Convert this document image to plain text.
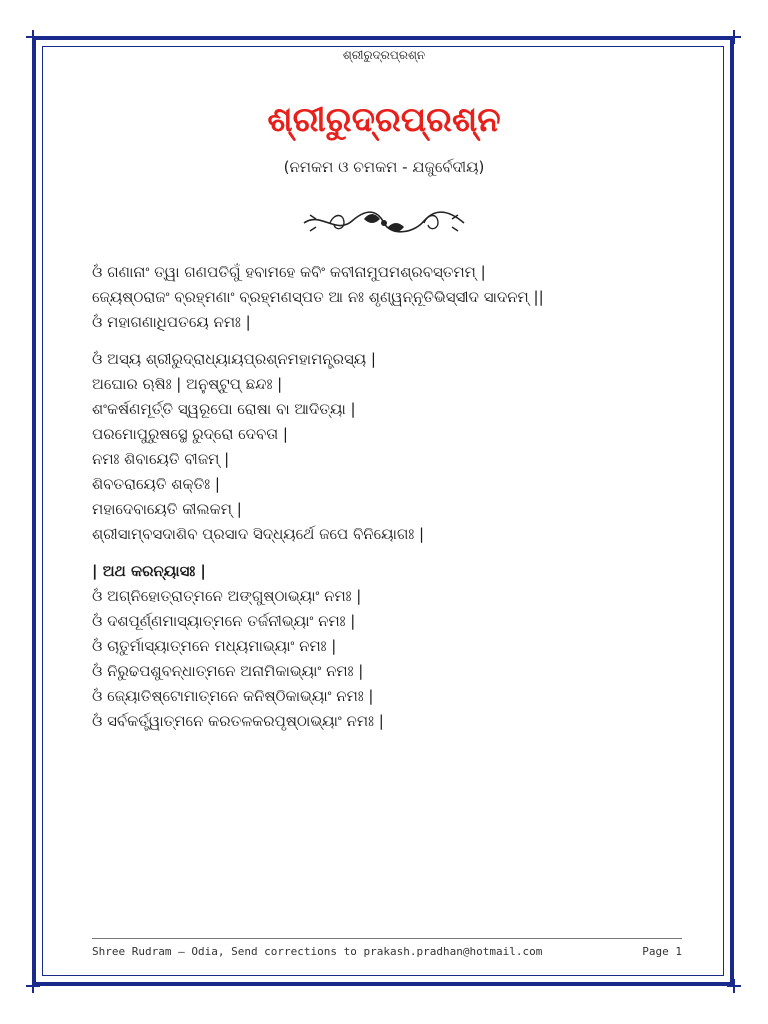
ଶ୍ରୀରୁଦ୍ରପ୍ରଶ୍ନ
ଶ୍ରୀରୁଦ୍ରପ୍ରଶ୍ନ
(ନମକମ ଓ ଚମକମ - ଯଜୁର୍ବେଦୀୟ)
ଓଁ ଗଣାନାଂ ତ୍ୱା ଗଣପତିଗୁଁ ହବାମହେ କବିଂ କବୀନାମୁପମଶ୍ରବସ୍ତମମ୍ |
ଜ୍ୟେଷ୍ଠରାଜଂ ବ୍ରହ୍ମଣାଂ ବ୍ରହ୍ମଣସ୍ପତ ଆ ନଃ ଶୃଣ୍ୱନ୍ନୂତିଭିସ୍ସୀଦ ସାଦନମ୍ ||
ଓଁ ମହାଗଣାଧିପତୟେ ନମଃ |
ଓଁ ଅସ୍ୟ ଶ୍ରୀରୁଦ୍ରାଧ୍ୟାୟପ୍ରଶ୍ନମହାମନ୍ତ୍ରସ୍ୟ |
ଅଘୋର ଋଷିଃ | ଅନୁଷ୍ଟୁପ୍ ଛନ୍ଦଃ |
ଶଂକର୍ଷଣମୂର୍ତ୍ତି ସ୍ୱରୂପୋ ରୋଷା ବା ଆଦିତ୍ୟା |
ପରମୋପୁରୁଷସ୍ଥେ ରୁଦ୍ରୋ ଦେବତା |
ନମଃ ଶିବାୟେତି ବୀଜମ୍ |
ଶିବତରାୟେତି ଶକ୍ତିଃ |
ମହାଦେବାୟେତି କୀଲକମ୍ |
ଶ୍ରୀସାମ୍ବସଦାଶିବ ପ୍ରସାଦ ସିଦ୍ଧ୍ୟର୍ଥେ ଜପେ ବିନିୟୋଗଃ |
| ଅଥ କରନ୍ୟାସଃ |
ଓଁ ଅଗ୍ନିହୋତ୍ରାତ୍ମନେ ଅଙ୍ଗୁଷ୍ଠାଭ୍ୟାଂ ନମଃ |
ଓଁ ଦଶପୂର୍ଣ୍ଣମାସ୍ୟାତ୍ମନେ ତର୍ଜନୀଭ୍ୟାଂ ନମଃ |
ଓଁ ଚାତୁର୍ମାସ୍ୟାତ୍ମନେ ମଧ୍ୟମାଭ୍ୟାଂ ନମଃ |
ଓଁ ନିରୁଢପଶୁବନ୍ଧାତ୍ମନେ ଅନାମିକାଭ୍ୟାଂ ନମଃ |
ଓଁ ଜ୍ୟୋତିଷ୍ଟୋମାତ୍ମନେ କନିଷ୍ଠିକାଭ୍ୟାଂ ନମଃ |
ଓଁ ସର୍ବକର୍ତ୍ତ୍ୱାତ୍ମନେ କରତଳକରପୃଷ୍ଠାଭ୍ୟାଂ ନମଃ |
Shree Rudram – Odia, Send corrections to prakash.pradhan@hotmail.com	Page 1
